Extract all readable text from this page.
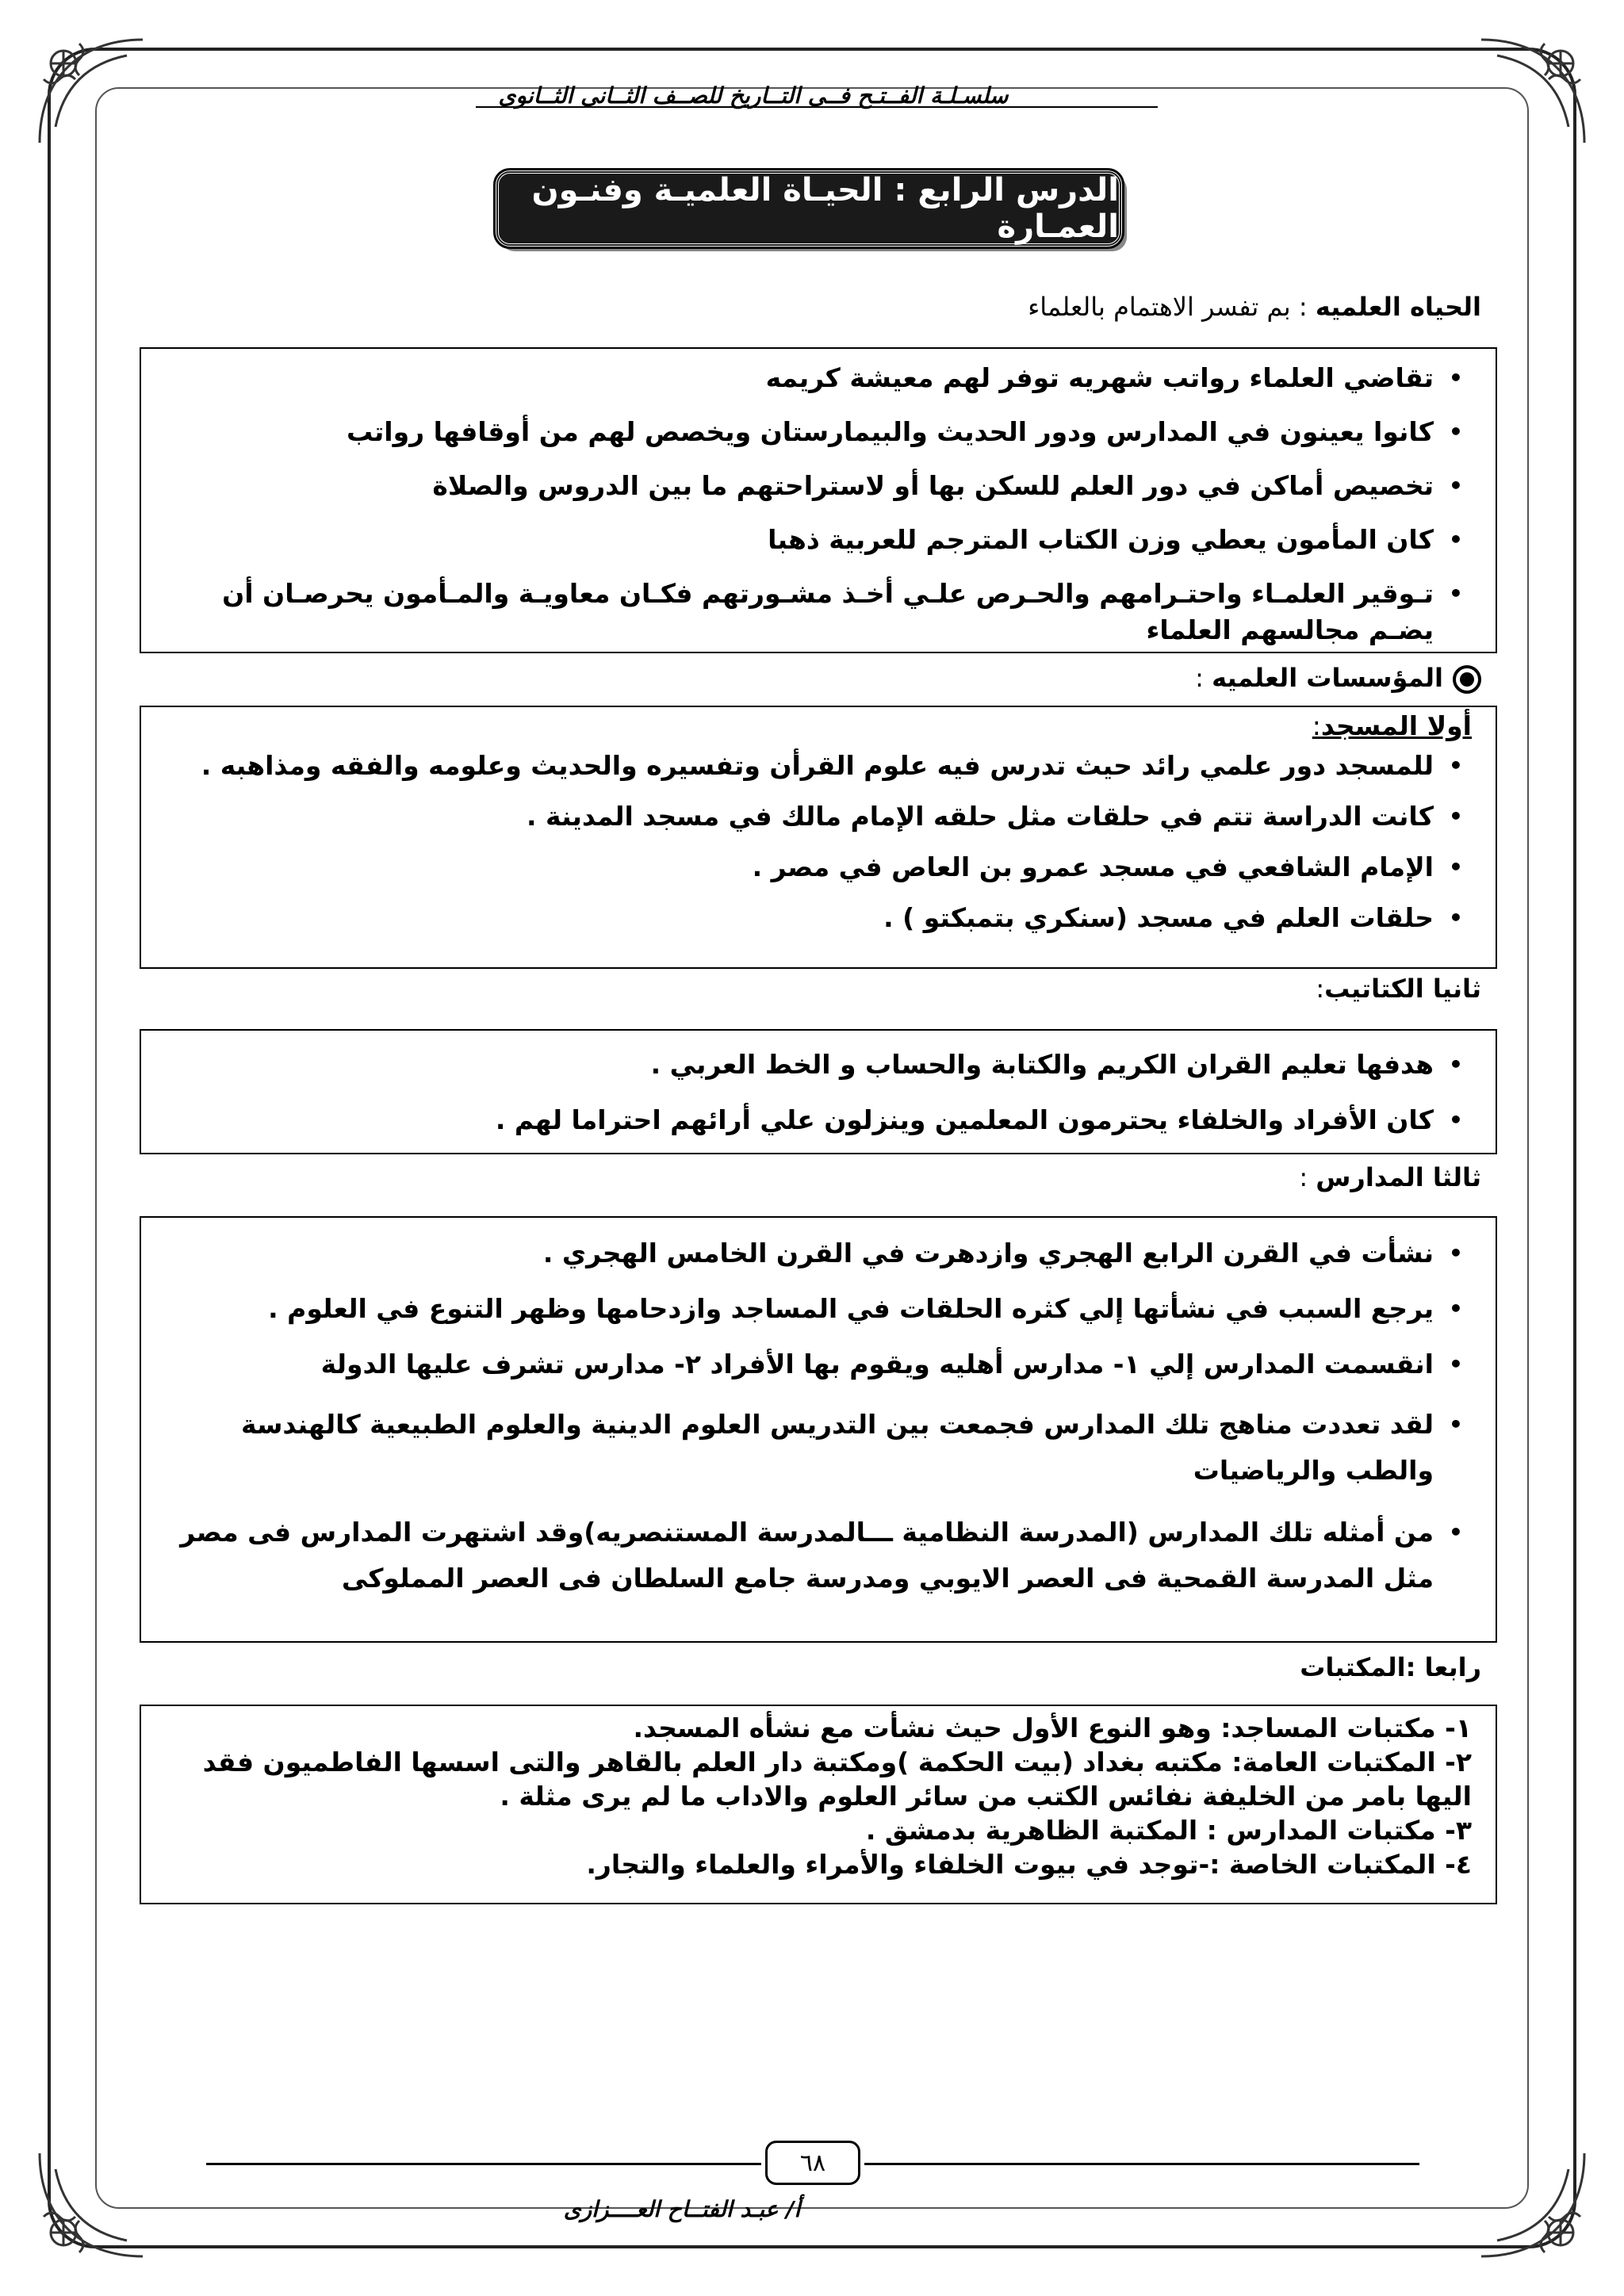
سلسـلـة الفــتـح فــى التــاريخ للصــف الثــانى الثــانوى
الدرس الرابع : الحيـاة العلميـة وفنـون العمـارة
الحياه العلميه : بم تفسر الاهتمام بالعلماء
•
تقاضي العلماء رواتب شهريه توفر لهم معيشة كريمه
•
كانوا يعينون في المدارس ودور الحديث والبيمارستان ويخصص لهم من أوقافها رواتب
•
تخصيص أماكن في دور العلم للسكن بها أو لاستراحتهم ما بين الدروس والصلاة
•
كان المأمون يعطي وزن الكتاب المترجم للعربية ذهبا
•
تـوقير العلمـاء واحتـرامهم والحـرص علـي أخـذ مشـورتهم فكـان معاويـة والمـأمون يحرصـان أن يضـم مجالسهم العلماء
المؤسسات العلميه :
أولا المسجد:
•
للمسجد دور علمي رائد حيث تدرس فيه علوم القرأن وتفسيره والحديث وعلومه والفقه ومذاهبه .
•
كانت الدراسة تتم في حلقات مثل حلقه الإمام مالك في مسجد المدينة .
•
الإمام الشافعي في مسجد عمرو بن العاص في مصر .
•
حلقات العلم في مسجد (سنكري بتمبكتو ) .
ثانيا الكتاتيب:
•
هدفها تعليم القران الكريم والكتابة والحساب و الخط العربي .
•
كان الأفراد والخلفاء يحترمون المعلمين وينزلون علي أرائهم احتراما لهم .
ثالثا المدارس :
•
نشأت في القرن الرابع الهجري وازدهرت في القرن الخامس الهجري .
•
يرجع السبب في نشأتها إلي كثره الحلقات في المساجد وازدحامها وظهر التنوع في العلوم .
•
انقسمت المدارس إلي ١- مدارس أهليه ويقوم بها الأفراد ٢- مدارس تشرف عليها الدولة
•
لقد تعددت مناهج تلك المدارس فجمعت بين التدريس العلوم الدينية والعلوم الطبيعية كالهندسة والطب والرياضيات
•
من أمثله تلك المدارس (المدرسة النظامية ـــالمدرسة المستنصريه)وقد اشتهرت المدارس فى مصر مثل المدرسة القمحية فى العصر الايوبي ومدرسة جامع السلطان فى العصر المملوكى
رابعا :المكتبات
١- مكتبات المساجد: وهو النوع الأول حيث نشأت مع نشأه المسجد.
٢- المكتبات العامة: مكتبه بغداد (بيت الحكمة )ومكتبة دار العلم بالقاهر والتى اسسها الفاطميون فقد اليها بامر من الخليفة نفائس الكتب من سائر العلوم والاداب ما لم يرى مثلة .
٣- مكتبات المدارس : المكتبة الظاهرية بدمشق .
٤- المكتبات الخاصة :-توجد في بيوت الخلفاء والأمراء والعلماء والتجار.
٦٨
أ/ عبـد الفتــاح العــــزازى
